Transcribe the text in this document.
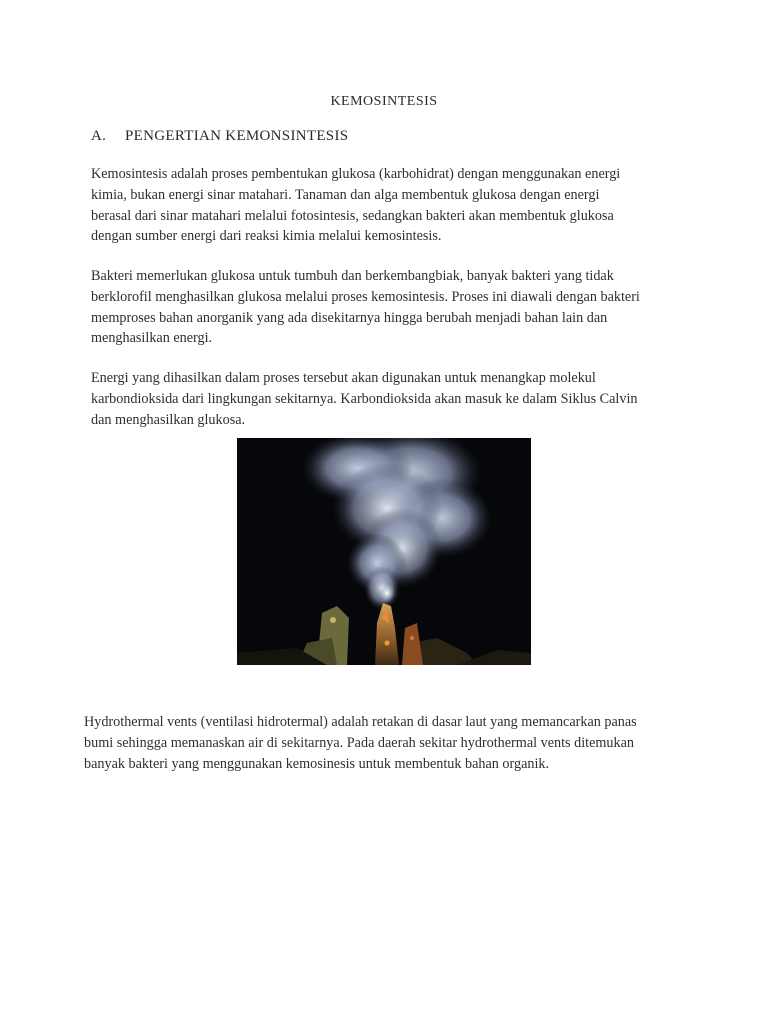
KEMOSINTESIS
A. PENGERTIAN KEMONSINTESIS

Kemosintesis adalah proses pembentukan glukosa (karbohidrat) dengan menggunakan energi
kimia, bukan energi sinar matahari. Tanaman dan alga membentuk glukosa dengan energi
berasal dari sinar matahari melalui fotosintesis, sedangkan bakteri akan membentuk glukosa
dengan sumber energi dari reaksi kimia melalui kemosintesis.

Bakteri memerlukan glukosa untuk tumbuh dan berkembangbiak, banyak bakteri yang tidak
berklorofil menghasilkan glukosa melalui proses kemosintesis. Proses ini diawali dengan bakteri
memproses bahan anorganik yang ada disekitarnya hingga berubah menjadi bahan lain dan
menghasilkan energi.

Energi yang dihasilkan dalam proses tersebut akan digunakan untuk menangkap molekul
karbondioksida dari lingkungan sekitarnya. Karbondioksida akan masuk ke dalam Siklus Calvin
dan menghasilkan glukosa.

Hydrothermal vents (ventilasi hidrotermal) adalah retakan di dasar laut yang memancarkan panas
bumi sehingga memanaskan air di sekitarnya. Pada daerah sekitar hydrothermal vents ditemukan
banyak bakteri yang menggunakan kemosinesis untuk membentuk bahan organik.
